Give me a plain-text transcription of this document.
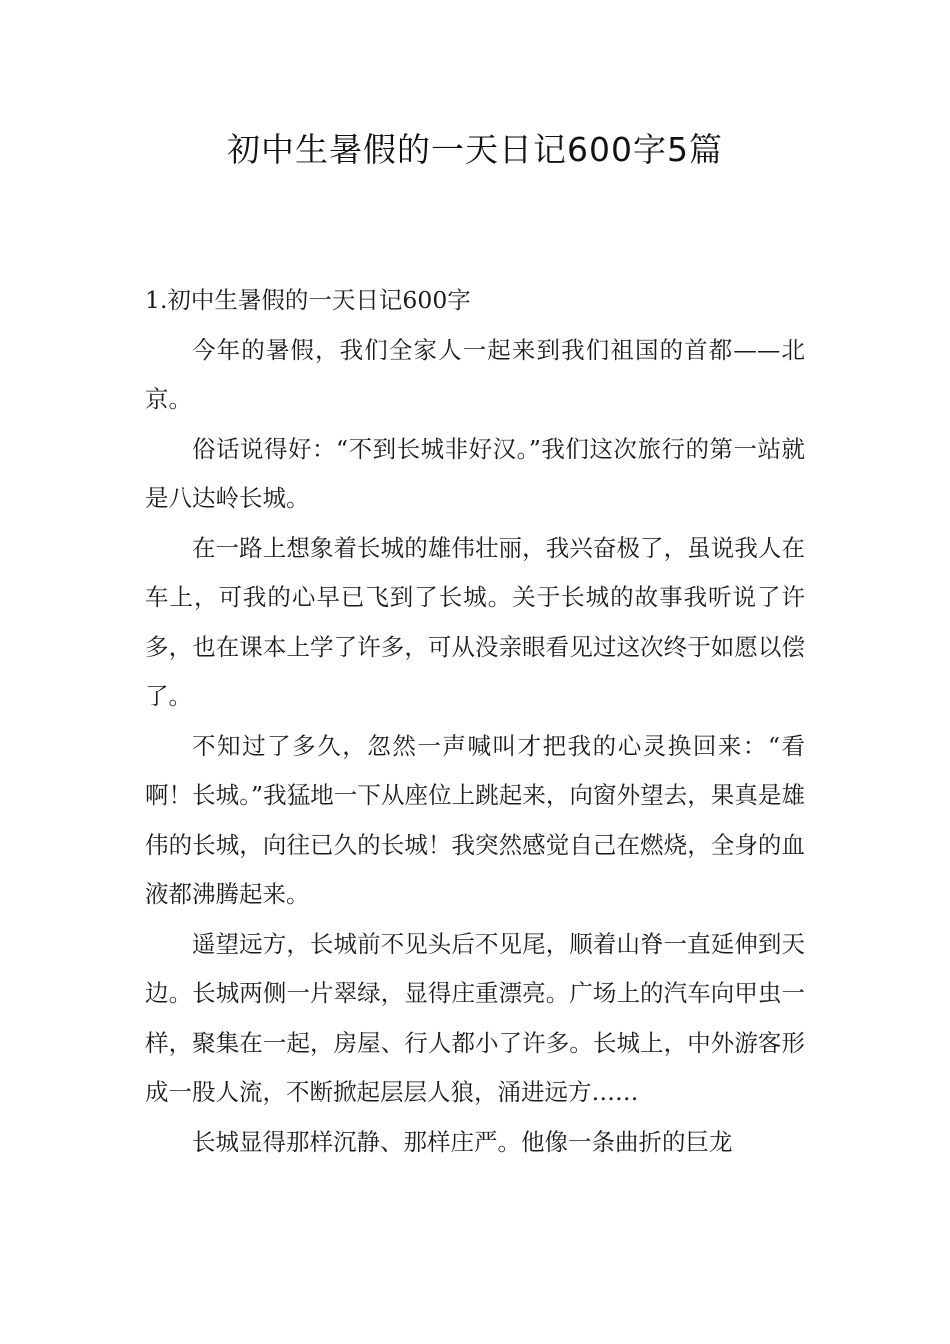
初中生暑假的一天日记600字5篇
1.初中生暑假的一天日记600字

今年的暑假，我们全家人一起来到我们祖国的首都——北京。

俗话说得好：“不到长城非好汉。”我们这次旅行的第一站就是八达岭长城。

在一路上想象着长城的雄伟壮丽，我兴奋极了，虽说我人在车上，可我的心早已飞到了长城。关于长城的故事我听说了许多，也在课本上学了许多，可从没亲眼看见过这次终于如愿以偿了。

不知过了多久，忽然一声喊叫才把我的心灵换回来：“看啊！长城。”我猛地一下从座位上跳起来，向窗外望去，果真是雄伟的长城，向往已久的长城！我突然感觉自己在燃烧，全身的血液都沸腾起来。

遥望远方，长城前不见头后不见尾，顺着山脊一直延伸到天边。长城两侧一片翠绿，显得庄重漂亮。广场上的汽车向甲虫一样，聚集在一起，房屋、行人都小了许多。长城上，中外游客形成一股人流，不断掀起层层人狼，涌进远方……

长城显得那样沉静、那样庄严。他像一条曲折的巨龙
